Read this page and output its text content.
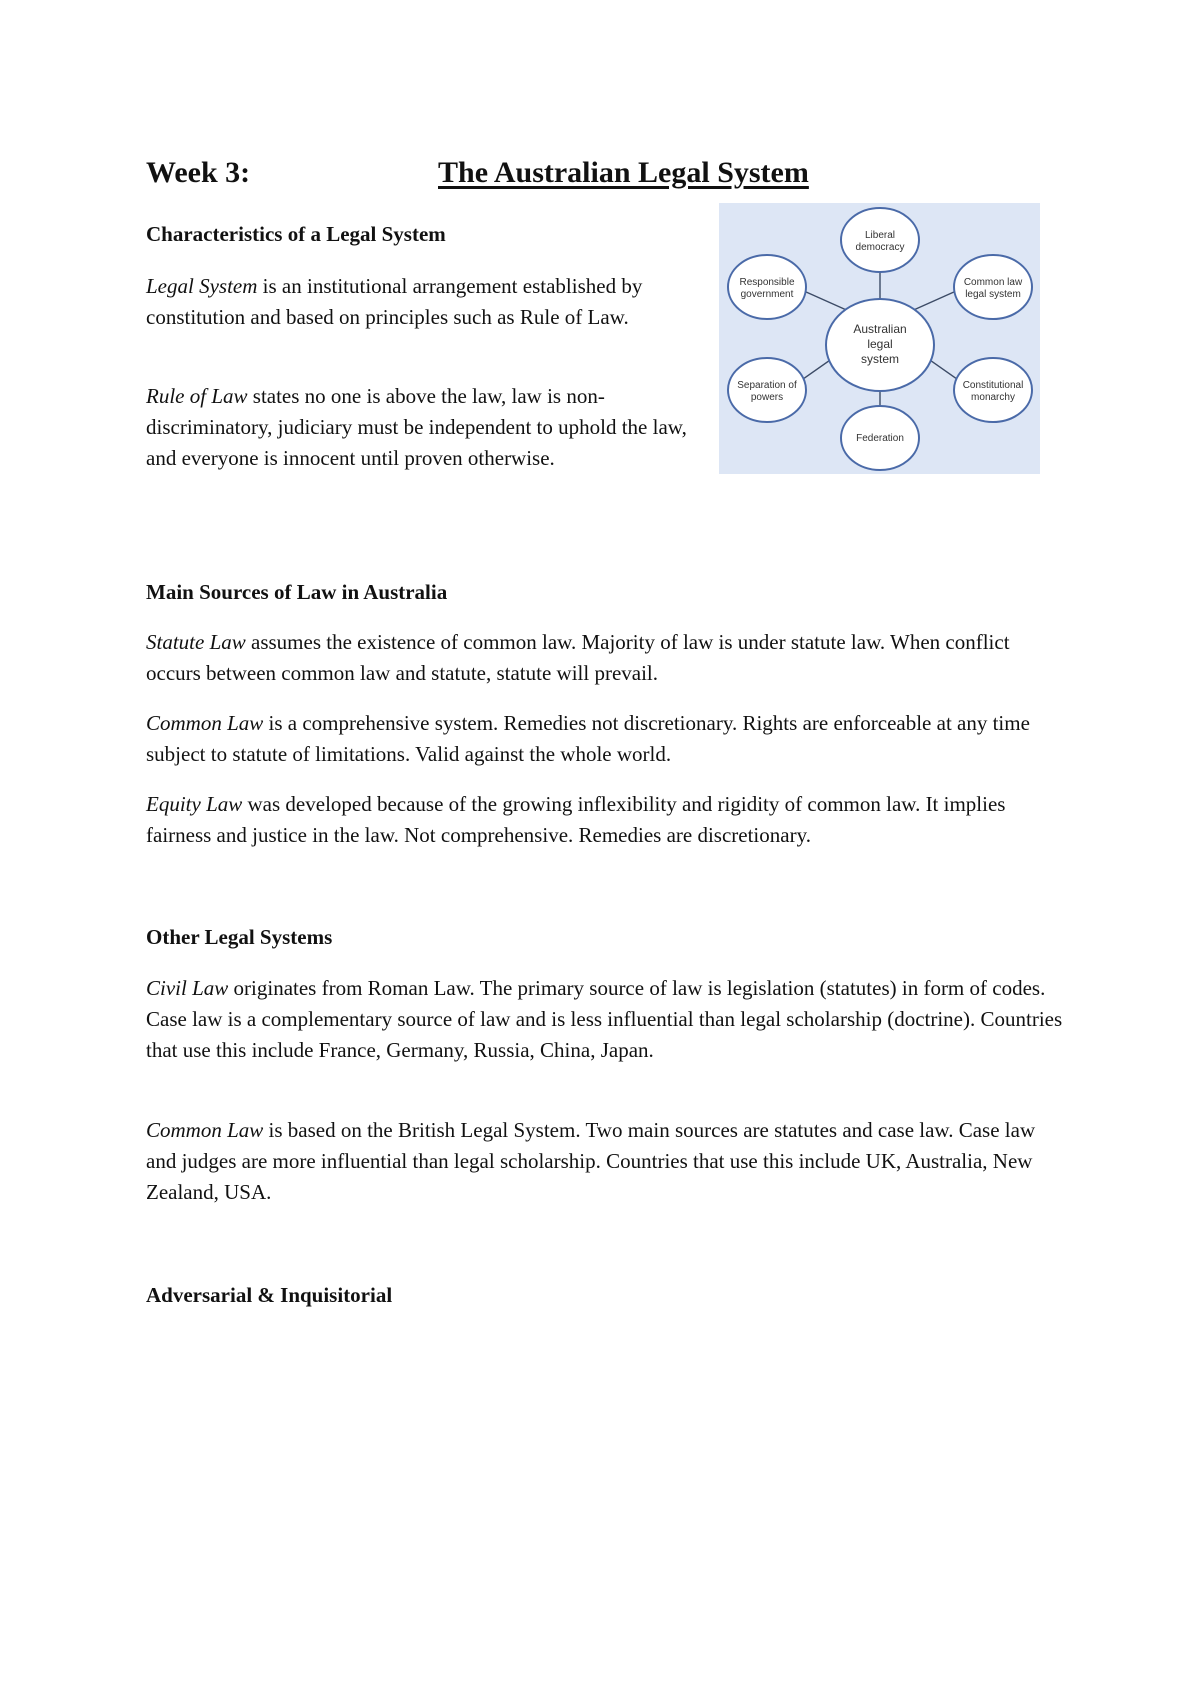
Week 3:	The Australian Legal System
Characteristics of a Legal System

Legal System is an institutional arrangement established by constitution and based on principles such as Rule of Law.

Rule of Law states no one is above the law, law is non-discriminatory, judiciary must be independent to uphold the law, and everyone is innocent until proven otherwise.

Liberal
democracy
Common law
legal system
Constitutional
monarchy
Federation
Separation of
powers
Responsible
government
Australian
legal
system
Main Sources of Law in Australia

Statute Law assumes the existence of common law. Majority of law is under statute law. When conflict occurs between common law and statute, statute will prevail.

Common Law is a comprehensive system. Remedies not discretionary. Rights are enforceable at any time subject to statute of limitations. Valid against the whole world.

Equity Law was developed because of the growing inflexibility and rigidity of common law. It implies fairness and justice in the law. Not comprehensive. Remedies are discretionary.

Other Legal Systems

Civil Law originates from Roman Law. The primary source of law is legislation (statutes) in form of codes. Case law is a complementary source of law and is less influential than legal scholarship (doctrine). Countries that use this include France, Germany, Russia, China, Japan.

Common Law is based on the British Legal System. Two main sources are statutes and case law. Case law and judges are more influential than legal scholarship. Countries that use this include UK, Australia, New Zealand, USA.

Adversarial & Inquisitorial
